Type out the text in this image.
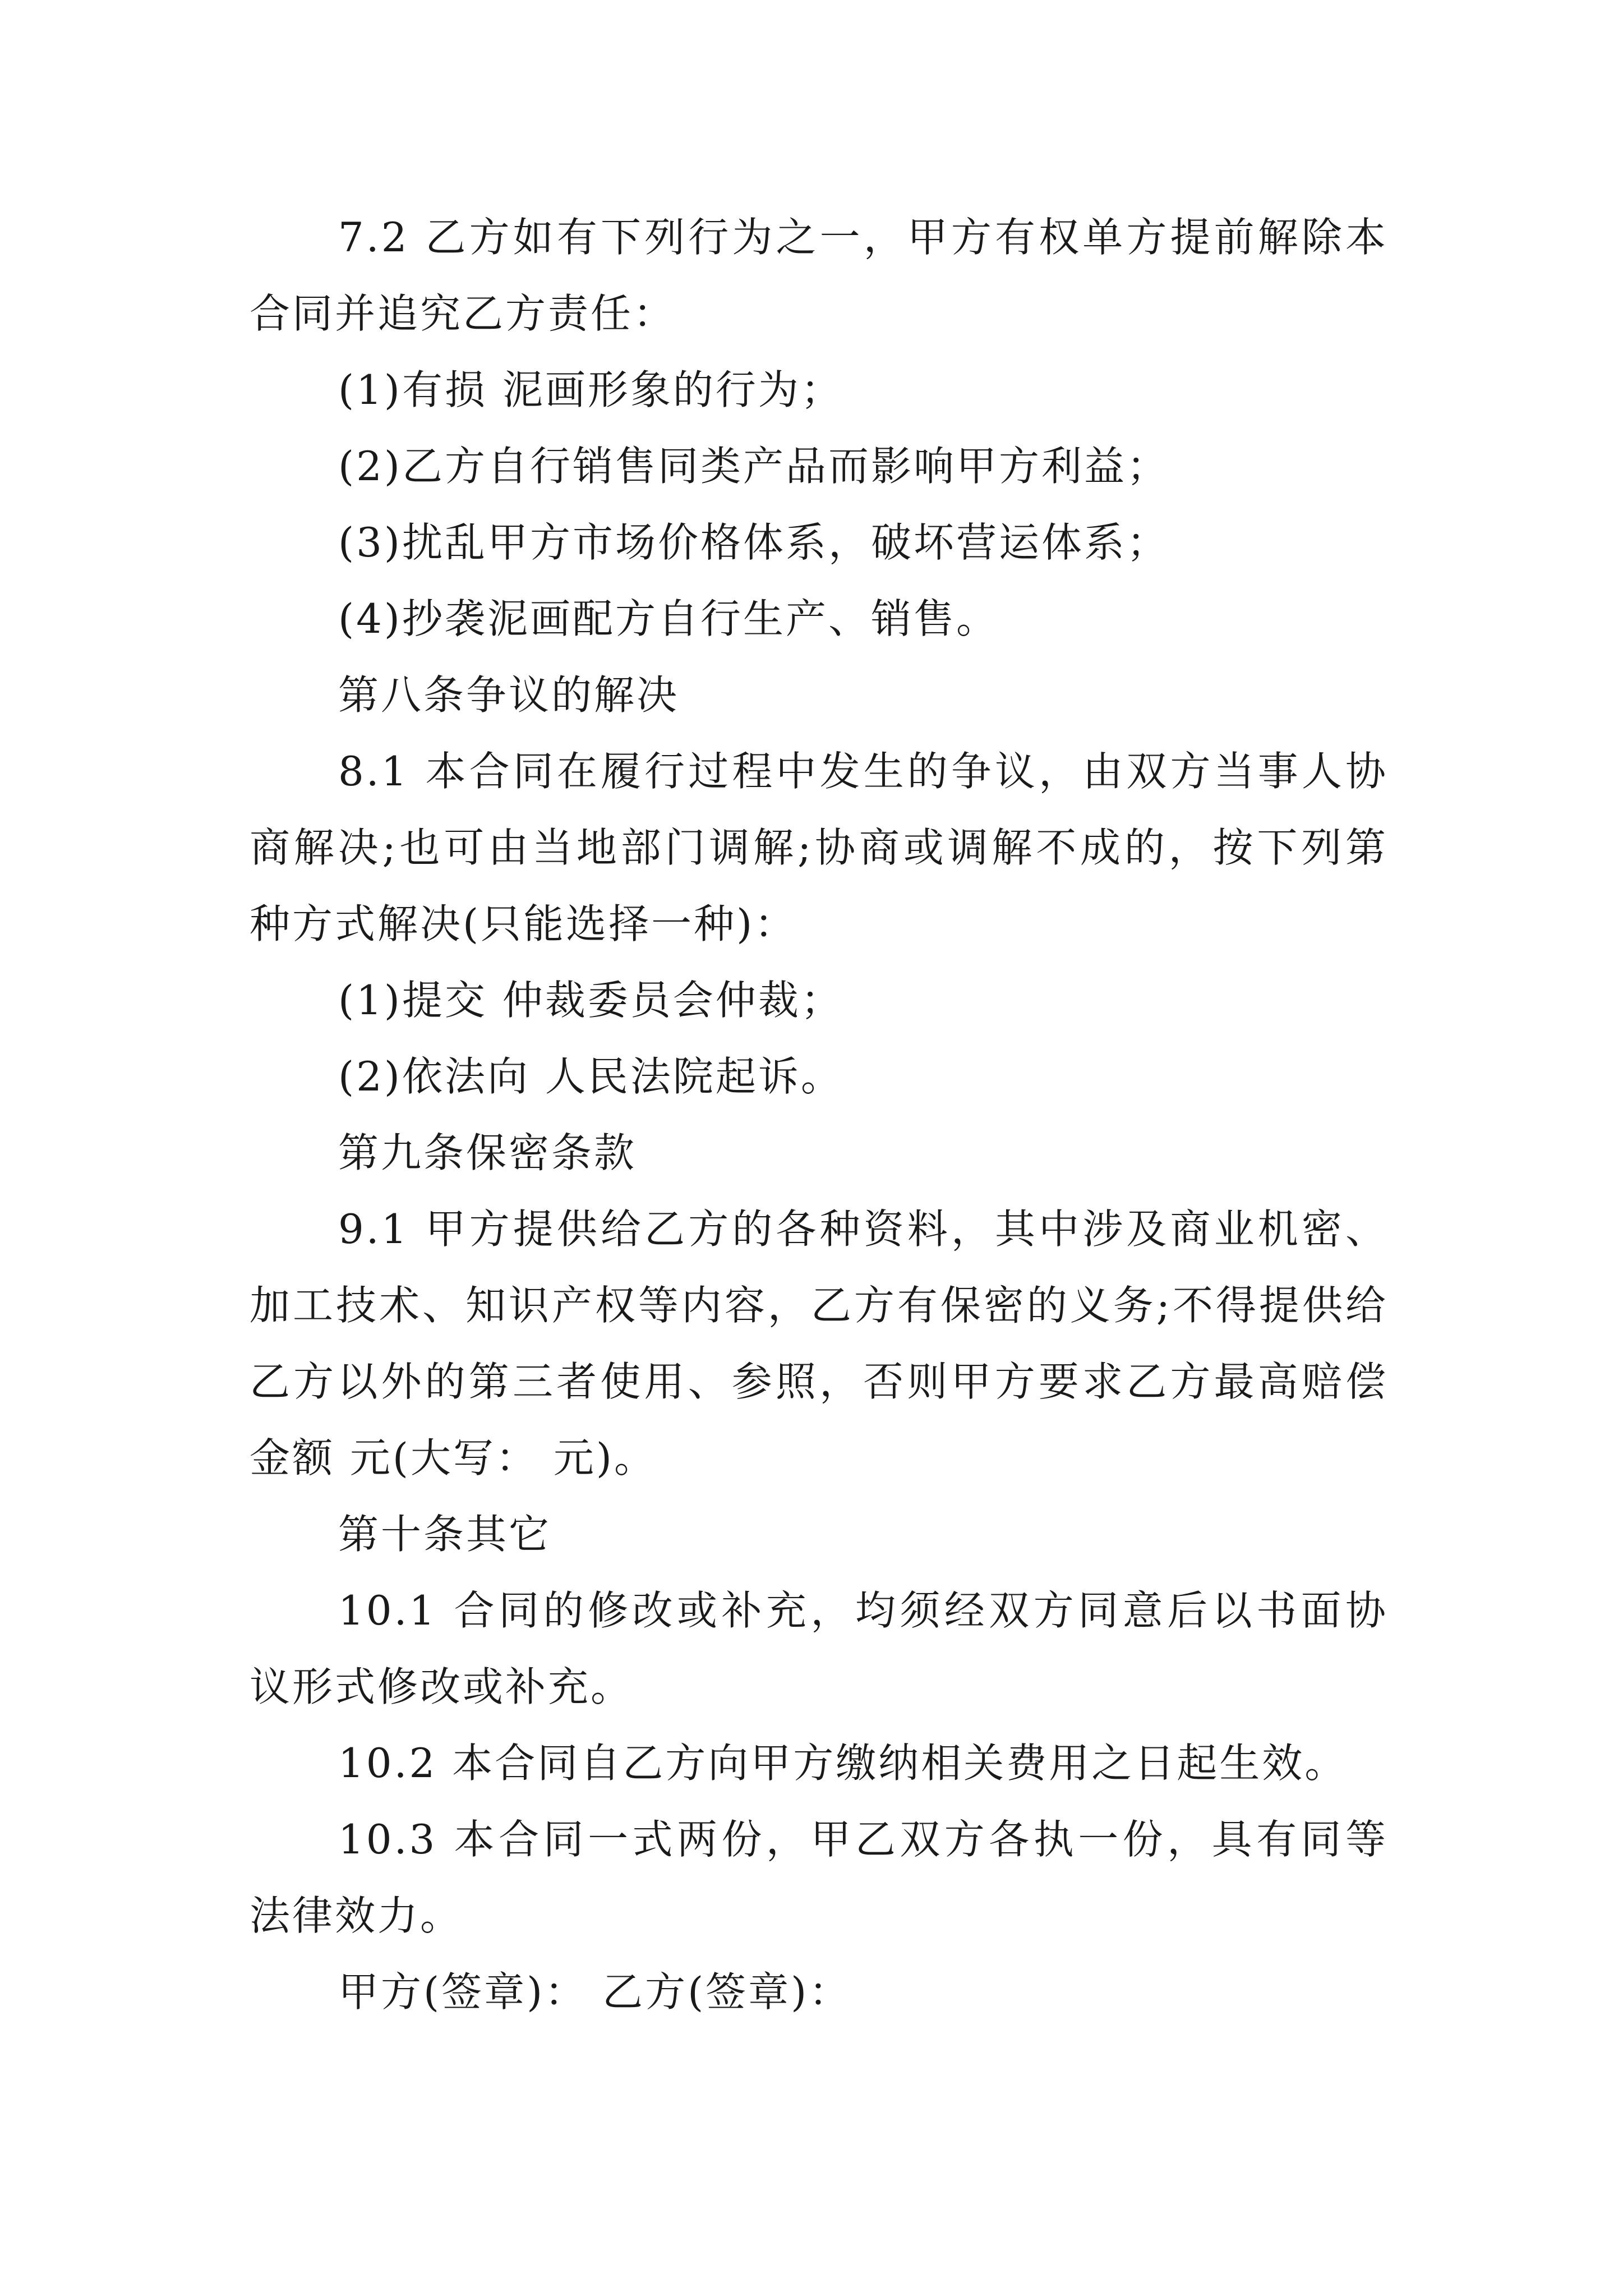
7.2 乙方如有下列行为之一，甲方有权单方提前解除本合同并追究乙方责任：

(1)有损 泥画形象的行为；

(2)乙方自行销售同类产品而影响甲方利益；

(3)扰乱甲方市场价格体系，破坏营运体系；

(4)抄袭泥画配方自行生产、销售。

第八条争议的解决

8.1 本合同在履行过程中发生的争议，由双方当事人协商解决;也可由当地部门调解;协商或调解不成的，按下列第种方式解决(只能选择一种)：

(1)提交 仲裁委员会仲裁；

(2)依法向 人民法院起诉。

第九条保密条款

9.1 甲方提供给乙方的各种资料，其中涉及商业机密、加工技术、知识产权等内容，乙方有保密的义务;不得提供给乙方以外的第三者使用、参照，否则甲方要求乙方最高赔偿金额 元(大写： 元)。

第十条其它

10.1 合同的修改或补充，均须经双方同意后以书面协议形式修改或补充。

10.2 本合同自乙方向甲方缴纳相关费用之日起生效。

10.3 本合同一式两份，甲乙双方各执一份，具有同等法律效力。

甲方(签章)： 乙方(签章)：
